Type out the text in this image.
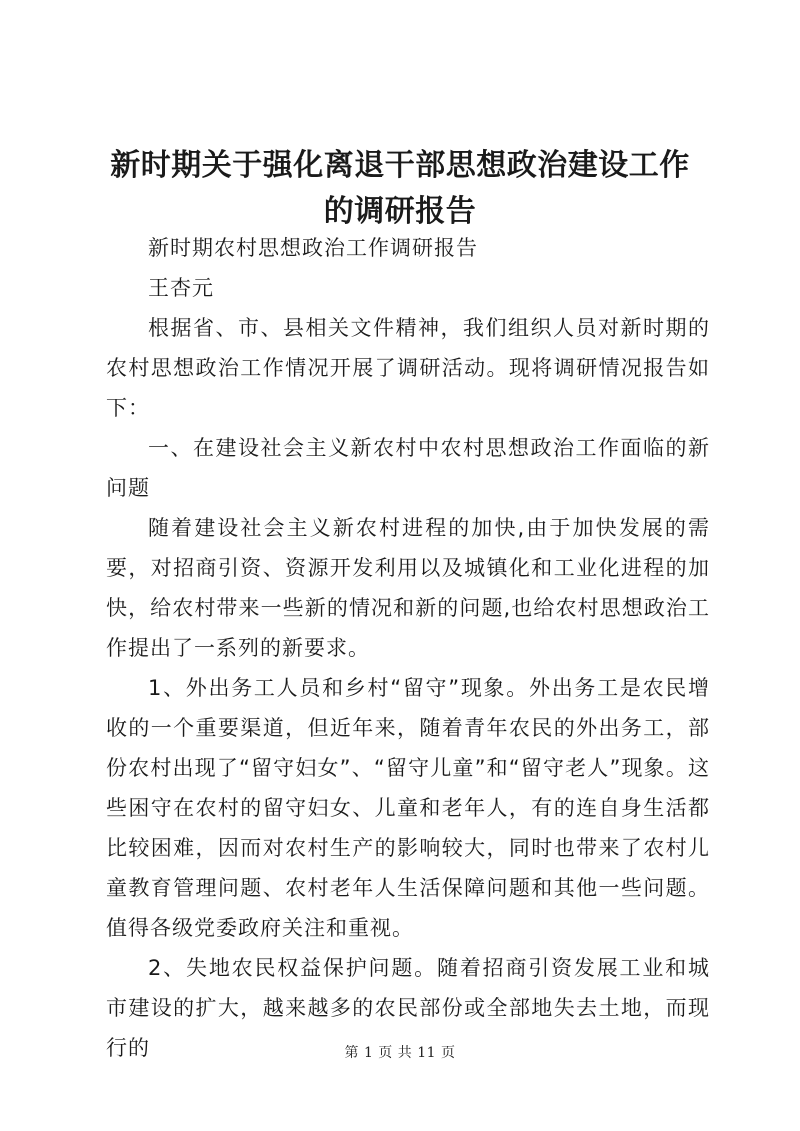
新时期关于强化离退干部思想政治建设工作的调研报告

新时期农村思想政治工作调研报告

王杏元

根据省、市、县相关文件精神，我们组织人员对新时期的农村思想政治工作情况开展了调研活动。现将调研情况报告如下：

一、在建设社会主义新农村中农村思想政治工作面临的新问题

随着建设社会主义新农村进程的加快,由于加快发展的需要，对招商引资、资源开发利用以及城镇化和工业化进程的加快，给农村带来一些新的情况和新的问题,也给农村思想政治工作提出了一系列的新要求。

1、外出务工人员和乡村“留守”现象。外出务工是农民增收的一个重要渠道，但近年来，随着青年农民的外出务工，部份农村出现了“留守妇女”、“留守儿童”和“留守老人”现象。这些困守在农村的留守妇女、儿童和老年人，有的连自身生活都比较困难，因而对农村生产的影响较大，同时也带来了农村儿童教育管理问题、农村老年人生活保障问题和其他一些问题。值得各级党委政府关注和重视。

2、失地农民权益保护问题。随着招商引资发展工业和城市建设的扩大，越来越多的农民部份或全部地失去土地，而现行的	第 1 页 共 11 页
